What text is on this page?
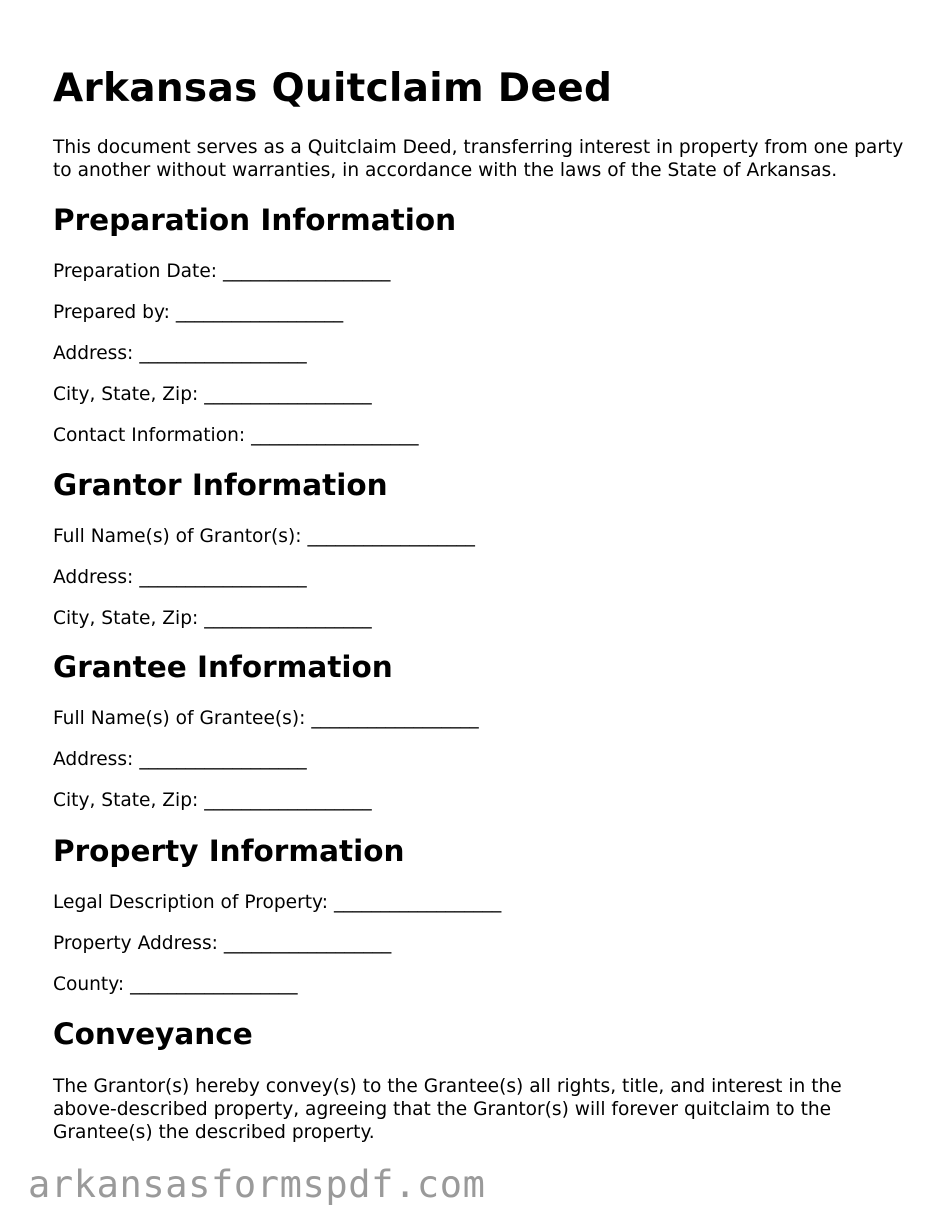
Arkansas Quitclaim Deed

This document serves as a Quitclaim Deed, transferring interest in property from one party to another without warranties, in accordance with the laws of the State of Arkansas.

Preparation Information
Preparation Date: __________________
Prepared by: __________________
Address: __________________
City, State, Zip: __________________
Contact Information: __________________
Grantor Information
Full Name(s) of Grantor(s): __________________
Address: __________________
City, State, Zip: __________________
Grantee Information
Full Name(s) of Grantee(s): __________________
Address: __________________
City, State, Zip: __________________
Property Information
Legal Description of Property: __________________
Property Address: __________________
County: __________________
Conveyance

The Grantor(s) hereby convey(s) to the Grantee(s) all rights, title, and interest in the above-described property, agreeing that the Grantor(s) will forever quitclaim to the Grantee(s) the described property.

arkansasformspdf.com
